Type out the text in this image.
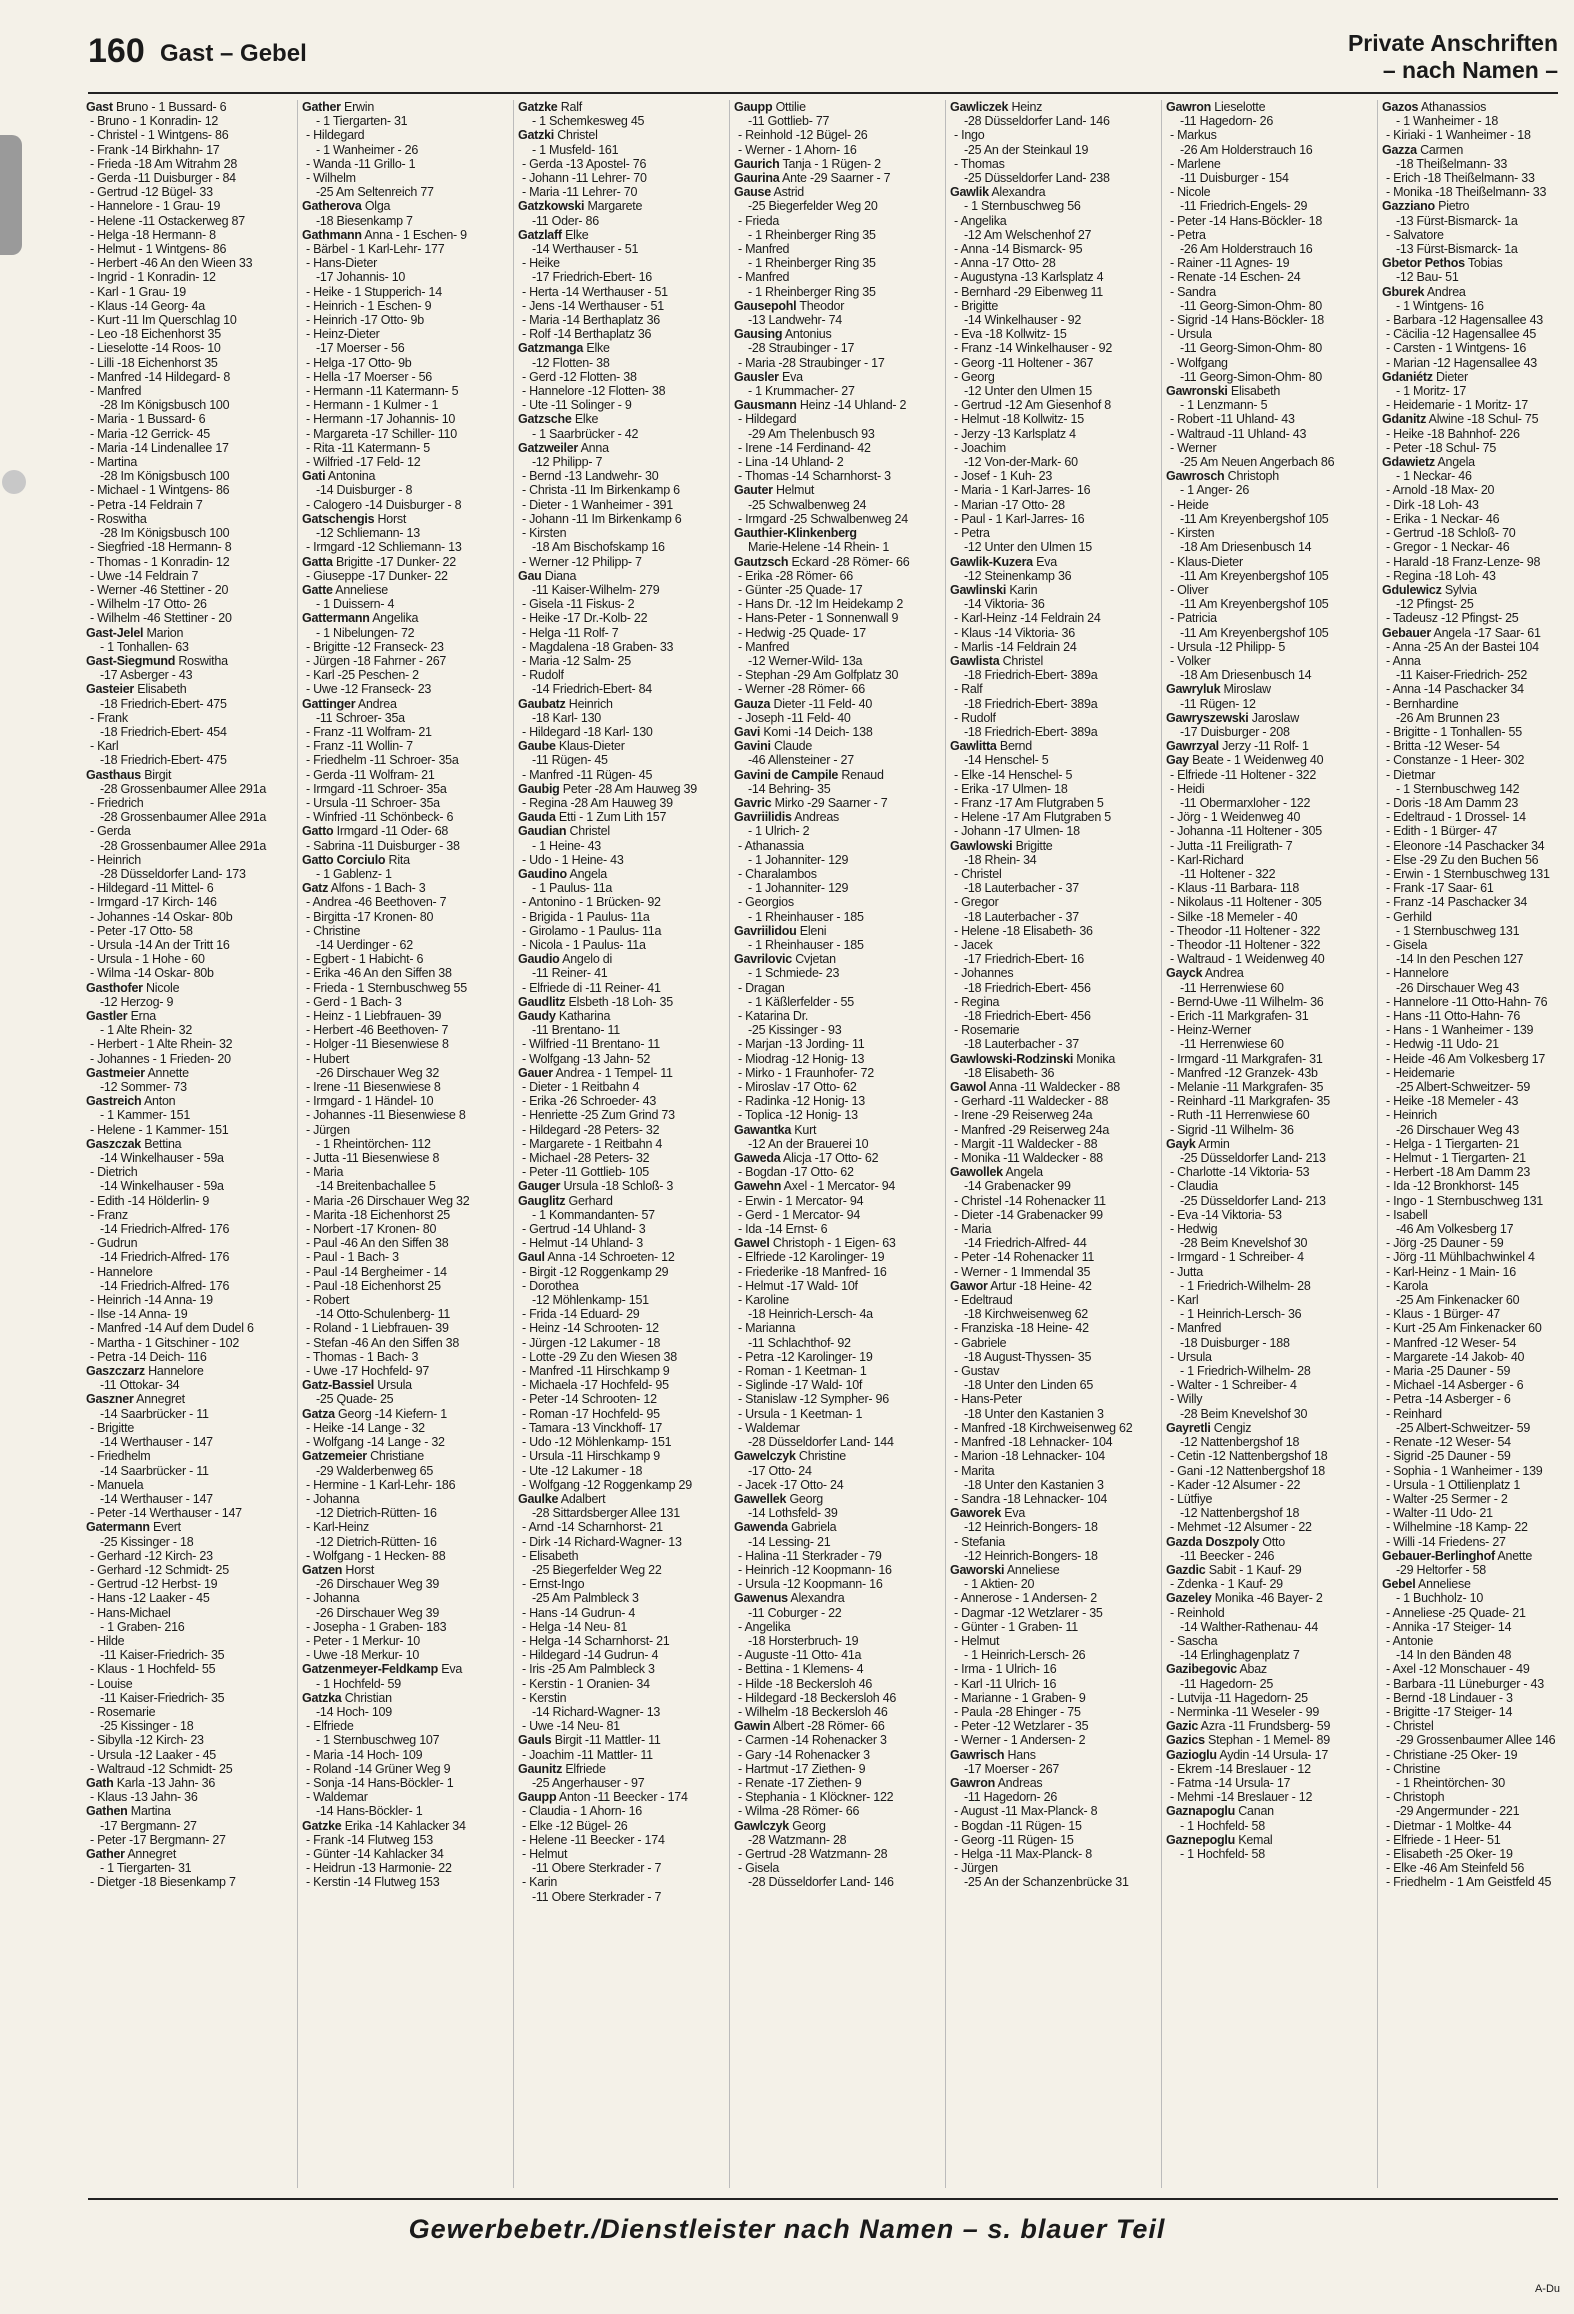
160 Gast – Gebel	Private Anschriften
– nach Namen –
Gast Bruno - 1 Bussard- 6
- Bruno - 1 Konradin- 12
- Christel - 1 Wintgens- 86
- Frank -14 Birkhahn- 17
- Frieda -18 Am Witrahm 28
- Gerda -11 Duisburger - 84
- Gertrud -12 Bügel- 33
- Hannelore - 1 Grau- 19
- Helene -11 Ostackerweg 87
- Helga -18 Hermann- 8
- Helmut - 1 Wintgens- 86
- Herbert -46 An den Wieen 33
- Ingrid - 1 Konradin- 12
- Karl - 1 Grau- 19
- Klaus -14 Georg- 4a
- Kurt -11 Im Querschlag 10
- Leo -18 Eichenhorst 35
- Lieselotte -14 Roos- 10
- Lilli -18 Eichenhorst 35
- Manfred -14 Hildegard- 8
- Manfred
-28 Im Königsbusch 100
- Maria - 1 Bussard- 6
- Maria -12 Gerrick- 45
- Maria -14 Lindenallee 17
- Martina
-28 Im Königsbusch 100
- Michael - 1 Wintgens- 86
- Petra -14 Feldrain 7
- Roswitha
-28 Im Königsbusch 100
- Siegfried -18 Hermann- 8
- Thomas - 1 Konradin- 12
- Uwe -14 Feldrain 7
- Werner -46 Stettiner - 20
- Wilhelm -17 Otto- 26
- Wilhelm -46 Stettiner - 20
Gast-Jelel Marion
- 1 Tonhallen- 63
Gast-Siegmund Roswitha
-17 Asberger - 43
Gasteier Elisabeth
-18 Friedrich-Ebert- 475
- Frank
-18 Friedrich-Ebert- 454
- Karl
-18 Friedrich-Ebert- 475
Gasthaus Birgit
-28 Grossenbaumer Allee 291a
- Friedrich
-28 Grossenbaumer Allee 291a
- Gerda
-28 Grossenbaumer Allee 291a
- Heinrich
-28 Düsseldorfer Land- 173
- Hildegard -11 Mittel- 6
- Irmgard -17 Kirch- 146
- Johannes -14 Oskar- 80b
- Peter -17 Otto- 58
- Ursula -14 An der Tritt 16
- Ursula - 1 Hohe - 60
- Wilma -14 Oskar- 80b
Gasthofer Nicole
-12 Herzog- 9
Gastler Erna
- 1 Alte Rhein- 32
- Herbert - 1 Alte Rhein- 32
- Johannes - 1 Frieden- 20
Gastmeier Annette
-12 Sommer- 73
Gastreich Anton
- 1 Kammer- 151
- Helene - 1 Kammer- 151
Gaszczak Bettina
-14 Winkelhauser - 59a
- Dietrich
-14 Winkelhauser - 59a
- Edith -14 Hölderlin- 9
- Franz
-14 Friedrich-Alfred- 176
- Gudrun
-14 Friedrich-Alfred- 176
- Hannelore
-14 Friedrich-Alfred- 176
- Heinrich -14 Anna- 19
- Ilse -14 Anna- 19
- Manfred -14 Auf dem Dudel 6
- Martha - 1 Gitschiner - 102
- Petra -14 Deich- 116
Gaszczarz Hannelore
-11 Ottokar- 34
Gaszner Annegret
-14 Saarbrücker - 11
- Brigitte
-14 Werthauser - 147
- Friedhelm
-14 Saarbrücker - 11
- Manuela
-14 Werthauser - 147
- Peter -14 Werthauser - 147
Gatermann Evert
-25 Kissinger - 18
- Gerhard -12 Kirch- 23
- Gerhard -12 Schmidt- 25
- Gertrud -12 Herbst- 19
- Hans -12 Laaker - 45
- Hans-Michael
- 1 Graben- 216
- Hilde
-11 Kaiser-Friedrich- 35
- Klaus - 1 Hochfeld- 55
- Louise
-11 Kaiser-Friedrich- 35
- Rosemarie
-25 Kissinger - 18
- Sibylla -12 Kirch- 23
- Ursula -12 Laaker - 45
- Waltraud -12 Schmidt- 25
Gath Karla -13 Jahn- 36
- Klaus -13 Jahn- 36
Gathen Martina
-17 Bergmann- 27
- Peter -17 Bergmann- 27
Gather Annegret
- 1 Tiergarten- 31
- Dietger -18 Biesenkamp 7
Gather Erwin
- 1 Tiergarten- 31
- Hildegard
- 1 Wanheimer - 26
- Wanda -11 Grillo- 1
- Wilhelm
-25 Am Seltenreich 77
Gatherova Olga
-18 Biesenkamp 7
Gathmann Anna - 1 Eschen- 9
- Bärbel - 1 Karl-Lehr- 177
- Hans-Dieter
-17 Johannis- 10
- Heike - 1 Stupperich- 14
- Heinrich - 1 Eschen- 9
- Heinrich -17 Otto- 9b
- Heinz-Dieter
-17 Moerser - 56
- Helga -17 Otto- 9b
- Hella -17 Moerser - 56
- Hermann -11 Katermann- 5
- Hermann - 1 Kulmer - 1
- Hermann -17 Johannis- 10
- Margareta -17 Schiller- 110
- Rita -11 Katermann- 5
- Wilfried -17 Feld- 12
Gati Antonina
-14 Duisburger - 8
- Calogero -14 Duisburger - 8
Gatschengis Horst
-12 Schliemann- 13
- Irmgard -12 Schliemann- 13
Gatta Brigitte -17 Dunker- 22
- Giuseppe -17 Dunker- 22
Gatte Anneliese
- 1 Duissern- 4
Gattermann Angelika
- 1 Nibelungen- 72
- Brigitte -12 Franseck- 23
- Jürgen -18 Fahrner - 267
- Karl -25 Peschen- 2
- Uwe -12 Franseck- 23
Gattinger Andrea
-11 Schroer- 35a
- Franz -11 Wolfram- 21
- Franz -11 Wollin- 7
- Friedhelm -11 Schroer- 35a
- Gerda -11 Wolfram- 21
- Irmgard -11 Schroer- 35a
- Ursula -11 Schroer- 35a
- Winfried -11 Schönbeck- 6
Gatto Irmgard -11 Oder- 68
- Sabrina -11 Duisburger - 38
Gatto Corciulo Rita
- 1 Gablenz- 1
Gatz Alfons - 1 Bach- 3
- Andrea -46 Beethoven- 7
- Birgitta -17 Kronen- 80
- Christine
-14 Uerdinger - 62
- Egbert - 1 Habicht- 6
- Erika -46 An den Siffen 38
- Frieda - 1 Sternbuschweg 55
- Gerd - 1 Bach- 3
- Heinz - 1 Liebfrauen- 39
- Herbert -46 Beethoven- 7
- Holger -11 Biesenwiese 8
- Hubert
-26 Dirschauer Weg 32
- Irene -11 Biesenwiese 8
- Irmgard - 1 Händel- 10
- Johannes -11 Biesenwiese 8
- Jürgen
- 1 Rheintörchen- 112
- Jutta -11 Biesenwiese 8
- Maria
-14 Breitenbachallee 5
- Maria -26 Dirschauer Weg 32
- Marita -18 Eichenhorst 25
- Norbert -17 Kronen- 80
- Paul -46 An den Siffen 38
- Paul - 1 Bach- 3
- Paul -14 Bergheimer - 14
- Paul -18 Eichenhorst 25
- Robert
-14 Otto-Schulenberg- 11
- Roland - 1 Liebfrauen- 39
- Stefan -46 An den Siffen 38
- Thomas - 1 Bach- 3
- Uwe -17 Hochfeld- 97
Gatz-Bassiel Ursula
-25 Quade- 25
Gatza Georg -14 Kiefern- 1
- Heike -14 Lange - 32
- Wolfgang -14 Lange - 32
Gatzemeier Christiane
-29 Walderbenweg 65
- Hermine - 1 Karl-Lehr- 186
- Johanna
-12 Dietrich-Rütten- 16
- Karl-Heinz
-12 Dietrich-Rütten- 16
- Wolfgang - 1 Hecken- 88
Gatzen Horst
-26 Dirschauer Weg 39
- Johanna
-26 Dirschauer Weg 39
- Josepha - 1 Graben- 183
- Peter - 1 Merkur- 10
- Uwe -18 Merkur- 10
Gatzenmeyer-Feldkamp Eva
- 1 Hochfeld- 59
Gatzka Christian
-14 Hoch- 109
- Elfriede
- 1 Sternbuschweg 107
- Maria -14 Hoch- 109
- Roland -14 Grüner Weg 9
- Sonja -14 Hans-Böckler- 1
- Waldemar
-14 Hans-Böckler- 1
Gatzke Erika -14 Kahlacker 34
- Frank -14 Flutweg 153
- Günter -14 Kahlacker 34
- Heidrun -13 Harmonie- 22
- Kerstin -14 Flutweg 153
Gatzke Ralf
- 1 Schemkesweg 45
Gatzki Christel
- 1 Musfeld- 161
- Gerda -13 Apostel- 76
- Johann -11 Lehrer- 70
- Maria -11 Lehrer- 70
Gatzkowski Margarete
-11 Oder- 86
Gatzlaff Elke
-14 Werthauser - 51
- Heike
-17 Friedrich-Ebert- 16
- Herta -14 Werthauser - 51
- Jens -14 Werthauser - 51
- Maria -14 Berthaplatz 36
- Rolf -14 Berthaplatz 36
Gatzmanga Elke
-12 Flotten- 38
- Gerd -12 Flotten- 38
- Hannelore -12 Flotten- 38
- Ute -11 Solinger - 9
Gatzsche Elke
- 1 Saarbrücker - 42
Gatzweiler Anna
-12 Philipp- 7
- Bernd -13 Landwehr- 30
- Christa -11 Im Birkenkamp 6
- Dieter - 1 Wanheimer - 391
- Johann -11 Im Birkenkamp 6
- Kirsten
-18 Am Bischofskamp 16
- Werner -12 Philipp- 7
Gau Diana
-11 Kaiser-Wilhelm- 279
- Gisela -11 Fiskus- 2
- Heike -17 Dr.-Kolb- 22
- Helga -11 Rolf- 7
- Magdalena -18 Graben- 33
- Maria -12 Salm- 25
- Rudolf
-14 Friedrich-Ebert- 84
Gaubatz Heinrich
-18 Karl- 130
- Hildegard -18 Karl- 130
Gaube Klaus-Dieter
-11 Rügen- 45
- Manfred -11 Rügen- 45
Gaubig Peter -28 Am Hauweg 39
- Regina -28 Am Hauweg 39
Gauda Etti - 1 Zum Lith 157
Gaudian Christel
- 1 Heine- 43
- Udo - 1 Heine- 43
Gaudino Angela
- 1 Paulus- 11a
- Antonino - 1 Brücken- 92
- Brigida - 1 Paulus- 11a
- Girolamo - 1 Paulus- 11a
- Nicola - 1 Paulus- 11a
Gaudio Angelo di
-11 Reiner- 41
- Elfriede di -11 Reiner- 41
Gaudlitz Elsbeth -18 Loh- 35
Gaudy Katharina
-11 Brentano- 11
- Wilfried -11 Brentano- 11
- Wolfgang -13 Jahn- 52
Gauer Andrea - 1 Tempel- 11
- Dieter - 1 Reitbahn 4
- Erika -26 Schroeder- 43
- Henriette -25 Zum Grind 73
- Hildegard -28 Peters- 32
- Margarete - 1 Reitbahn 4
- Michael -28 Peters- 32
- Peter -11 Gottlieb- 105
Gauger Ursula -18 Schloß- 3
Gauglitz Gerhard
- 1 Kommandanten- 57
- Gertrud -14 Uhland- 3
- Helmut -14 Uhland- 3
Gaul Anna -14 Schroeten- 12
- Birgit -12 Roggenkamp 29
- Dorothea
-12 Möhlenkamp- 151
- Frida -14 Eduard- 29
- Heinz -14 Schrooten- 12
- Jürgen -12 Lakumer - 18
- Lotte -29 Zu den Wiesen 38
- Manfred -11 Hirschkamp 9
- Michaela -17 Hochfeld- 95
- Peter -14 Schrooten- 12
- Roman -17 Hochfeld- 95
- Tamara -13 Vinckhoff- 17
- Udo -12 Möhlenkamp- 151
- Ursula -11 Hirschkamp 9
- Ute -12 Lakumer - 18
- Wolfgang -12 Roggenkamp 29
Gaulke Adalbert
-28 Sittardsberger Allee 131
- Arnd -14 Scharnhorst- 21
- Dirk -14 Richard-Wagner- 13
- Elisabeth
-25 Biegerfelder Weg 22
- Ernst-Ingo
-25 Am Palmbleck 3
- Hans -14 Gudrun- 4
- Helga -14 Neu- 81
- Helga -14 Scharnhorst- 21
- Hildegard -14 Gudrun- 4
- Iris -25 Am Palmbleck 3
- Kerstin - 1 Oranien- 34
- Kerstin
-14 Richard-Wagner- 13
- Uwe -14 Neu- 81
Gauls Birgit -11 Mattler- 11
- Joachim -11 Mattler- 11
Gaunitz Elfriede
-25 Angerhauser - 97
Gaupp Anton -11 Beecker - 174
- Claudia - 1 Ahorn- 16
- Elke -12 Bügel- 26
- Helene -11 Beecker - 174
- Helmut
-11 Obere Sterkrader - 7
- Karin
-11 Obere Sterkrader - 7
Gaupp Ottilie
-11 Gottlieb- 77
- Reinhold -12 Bügel- 26
- Werner - 1 Ahorn- 16
Gaurich Tanja - 1 Rügen- 2
Gaurina Ante -29 Saarner - 7
Gause Astrid
-25 Biegerfelder Weg 20
- Frieda
- 1 Rheinberger Ring 35
- Manfred
- 1 Rheinberger Ring 35
- Manfred
- 1 Rheinberger Ring 35
Gausepohl Theodor
-13 Landwehr- 74
Gausing Antonius
-28 Straubinger - 17
- Maria -28 Straubinger - 17
Gausler Eva
- 1 Krummacher- 27
Gausmann Heinz -14 Uhland- 2
- Hildegard
-29 Am Thelenbusch 93
- Irene -14 Ferdinand- 42
- Lina -14 Uhland- 2
- Thomas -14 Scharnhorst- 3
Gauter Helmut
-25 Schwalbenweg 24
- Irmgard -25 Schwalbenweg 24
Gauthier-Klinkenberg
Marie-Helene -14 Rhein- 1
Gautzsch Eckard -28 Römer- 66
- Erika -28 Römer- 66
- Günter -25 Quade- 17
- Hans Dr. -12 Im Heidekamp 2
- Hans-Peter - 1 Sonnenwall 9
- Hedwig -25 Quade- 17
- Manfred
-12 Werner-Wild- 13a
- Stephan -29 Am Golfplatz 30
- Werner -28 Römer- 66
Gauza Dieter -11 Feld- 40
- Joseph -11 Feld- 40
Gavi Komi -14 Deich- 138
Gavini Claude
-46 Allensteiner - 27
Gavini de Campile Renaud
-14 Behring- 35
Gavric Mirko -29 Saarner - 7
Gavriilidis Andreas
- 1 Ulrich- 2
- Athanassia
- 1 Johanniter- 129
- Charalambos
- 1 Johanniter- 129
- Georgios
- 1 Rheinhauser - 185
Gavriilidou Eleni
- 1 Rheinhauser - 185
Gavrilovic Cvjetan
- 1 Schmiede- 23
- Dragan
- 1 Käßlerfelder - 55
- Katarina Dr.
-25 Kissinger - 93
- Marjan -13 Jording- 11
- Miodrag -12 Honig- 13
- Mirko - 1 Fraunhofer- 72
- Miroslav -17 Otto- 62
- Radinka -12 Honig- 13
- Toplica -12 Honig- 13
Gawantka Kurt
-12 An der Brauerei 10
Gaweda Alicja -17 Otto- 62
- Bogdan -17 Otto- 62
Gawehn Axel - 1 Mercator- 94
- Erwin - 1 Mercator- 94
- Gerd - 1 Mercator- 94
- Ida -14 Ernst- 6
Gawel Christoph - 1 Eigen- 63
- Elfriede -12 Karolinger- 19
- Friederike -18 Manfred- 16
- Helmut -17 Wald- 10f
- Karoline
-18 Heinrich-Lersch- 4a
- Marianna
-11 Schlachthof- 92
- Petra -12 Karolinger- 19
- Roman - 1 Keetman- 1
- Siglinde -17 Wald- 10f
- Stanislaw -12 Sympher- 96
- Ursula - 1 Keetman- 1
- Waldemar
-28 Düsseldorfer Land- 144
Gawelczyk Christine
-17 Otto- 24
- Jacek -17 Otto- 24
Gawellek Georg
-14 Lothsfeld- 39
Gawenda Gabriela
-14 Lessing- 21
- Halina -11 Sterkrader - 79
- Heinrich -12 Koopmann- 16
- Ursula -12 Koopmann- 16
Gawenus Alexandra
-11 Coburger - 22
- Angelika
-18 Horsterbruch- 19
- Auguste -11 Otto- 41a
- Bettina - 1 Klemens- 4
- Hilde -18 Beckersloh 46
- Hildegard -18 Beckersloh 46
- Wilhelm -18 Beckersloh 46
Gawin Albert -28 Römer- 66
- Carmen -14 Rohenacker 3
- Gary -14 Rohenacker 3
- Hartmut -17 Ziethen- 9
- Renate -17 Ziethen- 9
- Stephania - 1 Klöckner- 122
- Wilma -28 Römer- 66
Gawlczyk Georg
-28 Watzmann- 28
- Gertrud -28 Watzmann- 28
- Gisela
-28 Düsseldorfer Land- 146
Gawliczek Heinz
-28 Düsseldorfer Land- 146
- Ingo
-25 An der Steinkaul 19
- Thomas
-25 Düsseldorfer Land- 238
Gawlik Alexandra
- 1 Sternbuschweg 56
- Angelika
-12 Am Welschenhof 27
- Anna -14 Bismarck- 95
- Anna -17 Otto- 28
- Augustyna -13 Karlsplatz 4
- Bernhard -29 Eibenweg 11
- Brigitte
-14 Winkelhauser - 92
- Eva -18 Kollwitz- 15
- Franz -14 Winkelhauser - 92
- Georg -11 Holtener - 367
- Georg
-12 Unter den Ulmen 15
- Gertrud -12 Am Giesenhof 8
- Helmut -18 Kollwitz- 15
- Jerzy -13 Karlsplatz 4
- Joachim
-12 Von-der-Mark- 60
- Josef - 1 Kuh- 23
- Maria - 1 Karl-Jarres- 16
- Marian -17 Otto- 28
- Paul - 1 Karl-Jarres- 16
- Petra
-12 Unter den Ulmen 15
Gawlik-Kuzera Eva
-12 Steinenkamp 36
Gawlinski Karin
-14 Viktoria- 36
- Karl-Heinz -14 Feldrain 24
- Klaus -14 Viktoria- 36
- Marlis -14 Feldrain 24
Gawlista Christel
-18 Friedrich-Ebert- 389a
- Ralf
-18 Friedrich-Ebert- 389a
- Rudolf
-18 Friedrich-Ebert- 389a
Gawlitta Bernd
-14 Henschel- 5
- Elke -14 Henschel- 5
- Erika -17 Ulmen- 18
- Franz -17 Am Flutgraben 5
- Helene -17 Am Flutgraben 5
- Johann -17 Ulmen- 18
Gawlowski Brigitte
-18 Rhein- 34
- Christel
-18 Lauterbacher - 37
- Gregor
-18 Lauterbacher - 37
- Helene -18 Elisabeth- 36
- Jacek
-17 Friedrich-Ebert- 16
- Johannes
-18 Friedrich-Ebert- 456
- Regina
-18 Friedrich-Ebert- 456
- Rosemarie
-18 Lauterbacher - 37
Gawlowski-Rodzinski Monika
-18 Elisabeth- 36
Gawol Anna -11 Waldecker - 88
- Gerhard -11 Waldecker - 88
- Irene -29 Reiserweg 24a
- Manfred -29 Reiserweg 24a
- Margit -11 Waldecker - 88
- Monika -11 Waldecker - 88
Gawollek Angela
-14 Grabenacker 99
- Christel -14 Rohenacker 11
- Dieter -14 Grabenacker 99
- Maria
-14 Friedrich-Alfred- 44
- Peter -14 Rohenacker 11
- Werner - 1 Immendal 35
Gawor Artur -18 Heine- 42
- Edeltraud
-18 Kirchweisenweg 62
- Franziska -18 Heine- 42
- Gabriele
-18 August-Thyssen- 35
- Gustav
-18 Unter den Linden 65
- Hans-Peter
-18 Unter den Kastanien 3
- Manfred -18 Kirchweisenweg 62
- Manfred -18 Lehnacker- 104
- Marion -18 Lehnacker- 104
- Marita
-18 Unter den Kastanien 3
- Sandra -18 Lehnacker- 104
Gaworek Eva
-12 Heinrich-Bongers- 18
- Stefania
-12 Heinrich-Bongers- 18
Gaworski Anneliese
- 1 Aktien- 20
- Annerose - 1 Andersen- 2
- Dagmar -12 Wetzlarer - 35
- Günter - 1 Graben- 11
- Helmut
- 1 Heinrich-Lersch- 26
- Irma - 1 Ulrich- 16
- Karl -11 Ulrich- 16
- Marianne - 1 Graben- 9
- Paula -28 Ehinger - 75
- Peter -12 Wetzlarer - 35
- Werner - 1 Andersen- 2
Gawrisch Hans
-17 Moerser - 267
Gawron Andreas
-11 Hagedorn- 26
- August -11 Max-Planck- 8
- Bogdan -11 Rügen- 15
- Georg -11 Rügen- 15
- Helga -11 Max-Planck- 8
- Jürgen
-25 An der Schanzenbrücke 31
Gawron Lieselotte
-11 Hagedorn- 26
- Markus
-26 Am Holderstrauch 16
- Marlene
-11 Duisburger - 154
- Nicole
-11 Friedrich-Engels- 29
- Peter -14 Hans-Böckler- 18
- Petra
-26 Am Holderstrauch 16
- Rainer -11 Agnes- 19
- Renate -14 Eschen- 24
- Sandra
-11 Georg-Simon-Ohm- 80
- Sigrid -14 Hans-Böckler- 18
- Ursula
-11 Georg-Simon-Ohm- 80
- Wolfgang
-11 Georg-Simon-Ohm- 80
Gawronski Elisabeth
- 1 Lenzmann- 5
- Robert -11 Uhland- 43
- Waltraud -11 Uhland- 43
- Werner
-25 Am Neuen Angerbach 86
Gawrosch Christoph
- 1 Anger- 26
- Heide
-11 Am Kreyenbergshof 105
- Kirsten
-18 Am Driesenbusch 14
- Klaus-Dieter
-11 Am Kreyenbergshof 105
- Oliver
-11 Am Kreyenbergshof 105
- Patricia
-11 Am Kreyenbergshof 105
- Ursula -12 Philipp- 5
- Volker
-18 Am Driesenbusch 14
Gawryluk Miroslaw
-11 Rügen- 12
Gawryszewski Jaroslaw
-17 Duisburger - 208
Gawrzyal Jerzy -11 Rolf- 1
Gay Beate - 1 Weidenweg 40
- Elfriede -11 Holtener - 322
- Heidi
-11 Obermarxloher - 122
- Jörg - 1 Weidenweg 40
- Johanna -11 Holtener - 305
- Jutta -11 Freiligrath- 7
- Karl-Richard
-11 Holtener - 322
- Klaus -11 Barbara- 118
- Nikolaus -11 Holtener - 305
- Silke -18 Memeler - 40
- Theodor -11 Holtener - 322
- Theodor -11 Holtener - 322
- Waltraud - 1 Weidenweg 40
Gayck Andrea
-11 Herrenwiese 60
- Bernd-Uwe -11 Wilhelm- 36
- Erich -11 Markgrafen- 31
- Heinz-Werner
-11 Herrenwiese 60
- Irmgard -11 Markgrafen- 31
- Manfred -12 Granzek- 43b
- Melanie -11 Markgrafen- 35
- Reinhard -11 Markgrafen- 35
- Ruth -11 Herrenwiese 60
- Sigrid -11 Wilhelm- 36
Gayk Armin
-25 Düsseldorfer Land- 213
- Charlotte -14 Viktoria- 53
- Claudia
-25 Düsseldorfer Land- 213
- Eva -14 Viktoria- 53
- Hedwig
-28 Beim Knevelshof 30
- Irmgard - 1 Schreiber- 4
- Jutta
- 1 Friedrich-Wilhelm- 28
- Karl
- 1 Heinrich-Lersch- 36
- Manfred
-18 Duisburger - 188
- Ursula
- 1 Friedrich-Wilhelm- 28
- Walter - 1 Schreiber- 4
- Willy
-28 Beim Knevelshof 30
Gayretli Cengiz
-12 Nattenbergshof 18
- Cetin -12 Nattenbergshof 18
- Gani -12 Nattenbergshof 18
- Kader -12 Alsumer - 22
- Lütfiye
-12 Nattenbergshof 18
- Mehmet -12 Alsumer - 22
Gazda Doszpoly Otto
-11 Beecker - 246
Gazdic Sabit - 1 Kauf- 29
- Zdenka - 1 Kauf- 29
Gazeley Monika -46 Bayer- 2
- Reinhold
-14 Walther-Rathenau- 44
- Sascha
-14 Erlinghagenplatz 7
Gazibegovic Abaz
-11 Hagedorn- 25
- Lutvija -11 Hagedorn- 25
- Nerminka -11 Weseler - 99
Gazic Azra -11 Frundsberg- 59
Gazics Stephan - 1 Memel- 89
Gazioglu Aydin -14 Ursula- 17
- Ekrem -14 Breslauer - 12
- Fatma -14 Ursula- 17
- Mehmi -14 Breslauer - 12
Gaznapoglu Canan
- 1 Hochfeld- 58
Gaznepoglu Kemal
- 1 Hochfeld- 58
Gazos Athanassios
- 1 Wanheimer - 18
- Kiriaki - 1 Wanheimer - 18
Gazza Carmen
-18 Theißelmann- 33
- Erich -18 Theißelmann- 33
- Monika -18 Theißelmann- 33
Gazziano Pietro
-13 Fürst-Bismarck- 1a
- Salvatore
-13 Fürst-Bismarck- 1a
Gbetor Pethos Tobias
-12 Bau- 51
Gburek Andrea
- 1 Wintgens- 16
- Barbara -12 Hagensallee 43
- Cäcilia -12 Hagensallee 45
- Carsten - 1 Wintgens- 16
- Marian -12 Hagensallee 43
Gdaniétz Dieter
- 1 Moritz- 17
- Heidemarie - 1 Moritz- 17
Gdanitz Alwine -18 Schul- 75
- Heike -18 Bahnhof- 226
- Peter -18 Schul- 75
Gdawietz Angela
- 1 Neckar- 46
- Arnold -18 Max- 20
- Dirk -18 Loh- 43
- Erika - 1 Neckar- 46
- Gertrud -18 Schloß- 70
- Gregor - 1 Neckar- 46
- Harald -18 Franz-Lenze- 98
- Regina -18 Loh- 43
Gdulewicz Sylvia
-12 Pfingst- 25
- Tadeusz -12 Pfingst- 25
Gebauer Angela -17 Saar- 61
- Anna -25 An der Bastei 104
- Anna
-11 Kaiser-Friedrich- 252
- Anna -14 Paschacker 34
- Bernhardine
-26 Am Brunnen 23
- Brigitte - 1 Tonhallen- 55
- Britta -12 Weser- 54
- Constanze - 1 Heer- 302
- Dietmar
- 1 Sternbuschweg 142
- Doris -18 Am Damm 23
- Edeltraud - 1 Drossel- 14
- Edith - 1 Bürger- 47
- Eleonore -14 Paschacker 34
- Else -29 Zu den Buchen 56
- Erwin - 1 Sternbuschweg 131
- Frank -17 Saar- 61
- Franz -14 Paschacker 34
- Gerhild
- 1 Sternbuschweg 131
- Gisela
-14 In den Peschen 127
- Hannelore
-26 Dirschauer Weg 43
- Hannelore -11 Otto-Hahn- 76
- Hans -11 Otto-Hahn- 76
- Hans - 1 Wanheimer - 139
- Hedwig -11 Udo- 21
- Heide -46 Am Volkesberg 17
- Heidemarie
-25 Albert-Schweitzer- 59
- Heike -18 Memeler - 43
- Heinrich
-26 Dirschauer Weg 43
- Helga - 1 Tiergarten- 21
- Helmut - 1 Tiergarten- 21
- Herbert -18 Am Damm 23
- Ida -12 Bronkhorst- 145
- Ingo - 1 Sternbuschweg 131
- Isabell
-46 Am Volkesberg 17
- Jörg -25 Dauner - 59
- Jörg -11 Mühlbachwinkel 4
- Karl-Heinz - 1 Main- 16
- Karola
-25 Am Finkenacker 60
- Klaus - 1 Bürger- 47
- Kurt -25 Am Finkenacker 60
- Manfred -12 Weser- 54
- Margarete -14 Jakob- 40
- Maria -25 Dauner - 59
- Michael -14 Asberger - 6
- Petra -14 Asberger - 6
- Reinhard
-25 Albert-Schweitzer- 59
- Renate -12 Weser- 54
- Sigrid -25 Dauner - 59
- Sophia - 1 Wanheimer - 139
- Ursula - 1 Ottilienplatz 1
- Walter -25 Sermer - 2
- Walter -11 Udo- 21
- Wilhelmine -18 Kamp- 22
- Willi -14 Friedens- 27
Gebauer-Berlinghof Anette
-29 Heltorfer - 58
Gebel Anneliese
- 1 Buchholz- 10
- Anneliese -25 Quade- 21
- Annika -17 Steiger- 14
- Antonie
-14 In den Bänden 48
- Axel -12 Monschauer - 49
- Barbara -11 Lüneburger - 43
- Bernd -18 Lindauer - 3
- Brigitte -17 Steiger- 14
- Christel
-29 Grossenbaumer Allee 146
- Christiane -25 Oker- 19
- Christine
- 1 Rheintörchen- 30
- Christoph
-29 Angermunder - 221
- Dietmar - 1 Moltke- 44
- Elfriede - 1 Heer- 51
- Elisabeth -25 Oker- 19
- Elke -46 Am Steinfeld 56
- Friedhelm - 1 Am Geistfeld 45
Gewerbebetr./Dienstleister nach Namen – s. blauer Teil
A-Du
